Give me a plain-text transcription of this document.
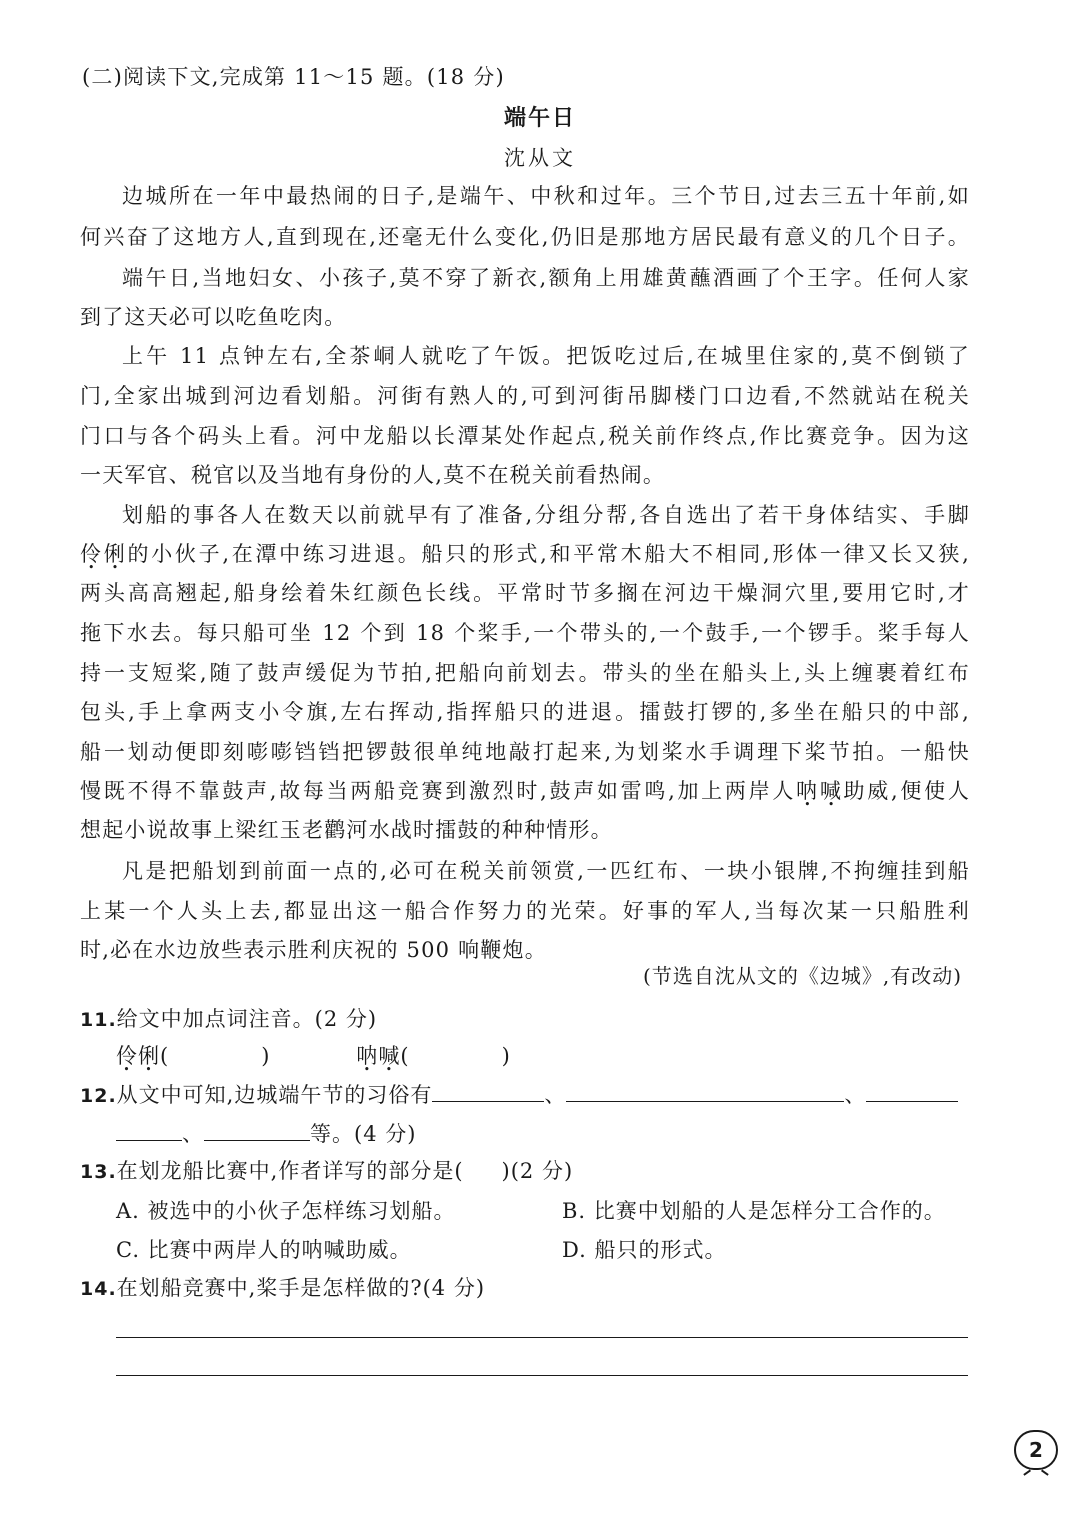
(二)阅读下文,完成第 11～15 题。(18 分)
端午日
沈从文
边城所在一年中最热闹的日子,是端午、中秋和过年。三个节日,过去三五十年前,如
何兴奋了这地方人,直到现在,还毫无什么变化,仍旧是那地方居民最有意义的几个日子。
端午日,当地妇女、小孩子,莫不穿了新衣,额角上用雄黄蘸酒画了个王字。任何人家
到了这天必可以吃鱼吃肉。
上午 11 点钟左右,全茶峒人就吃了午饭。把饭吃过后,在城里住家的,莫不倒锁了
门,全家出城到河边看划船。河街有熟人的,可到河街吊脚楼门口边看,不然就站在税关
门口与各个码头上看。河中龙船以长潭某处作起点,税关前作终点,作比赛竞争。因为这
一天军官、税官以及当地有身份的人,莫不在税关前看热闹。
划船的事各人在数天以前就早有了准备,分组分帮,各自选出了若干身体结实、手脚
伶俐的小伙子,在潭中练习进退。船只的形式,和平常木船大不相同,形体一律又长又狭,
两头高高翘起,船身绘着朱红颜色长线。平常时节多搁在河边干燥洞穴里,要用它时,才
拖下水去。每只船可坐 12 个到 18 个桨手,一个带头的,一个鼓手,一个锣手。桨手每人
持一支短桨,随了鼓声缓促为节拍,把船向前划去。带头的坐在船头上,头上缠裹着红布
包头,手上拿两支小令旗,左右挥动,指挥船只的进退。擂鼓打锣的,多坐在船只的中部,
船一划动便即刻嘭嘭铛铛把锣鼓很单纯地敲打起来,为划桨水手调理下桨节拍。一船快
慢既不得不靠鼓声,故每当两船竞赛到激烈时,鼓声如雷鸣,加上两岸人呐喊助威,便使人
想起小说故事上梁红玉老鹳河水战时擂鼓的种种情形。
凡是把船划到前面一点的,必可在税关前领赏,一匹红布、一块小银牌,不拘缠挂到船
上某一个人头上去,都显出这一船合作努力的光荣。好事的军人,当每次某一只船胜利
时,必在水边放些表示胜利庆祝的 500 响鞭炮。
(节选自沈从文的《边城》,有改动)
11.给文中加点词注音。(2 分)
伶俐(	)	呐喊(	)
12.从文中可知,边城端午节的习俗有	、	、
、	等。(4 分)
13.在划龙船比赛中,作者详写的部分是( )(2 分)
A. 被选中的小伙子怎样练习划船。	B. 比赛中划船的人是怎样分工合作的。
C. 比赛中两岸人的呐喊助威。	D. 船只的形式。
14.在划船竞赛中,桨手是怎样做的?(4 分)
2
